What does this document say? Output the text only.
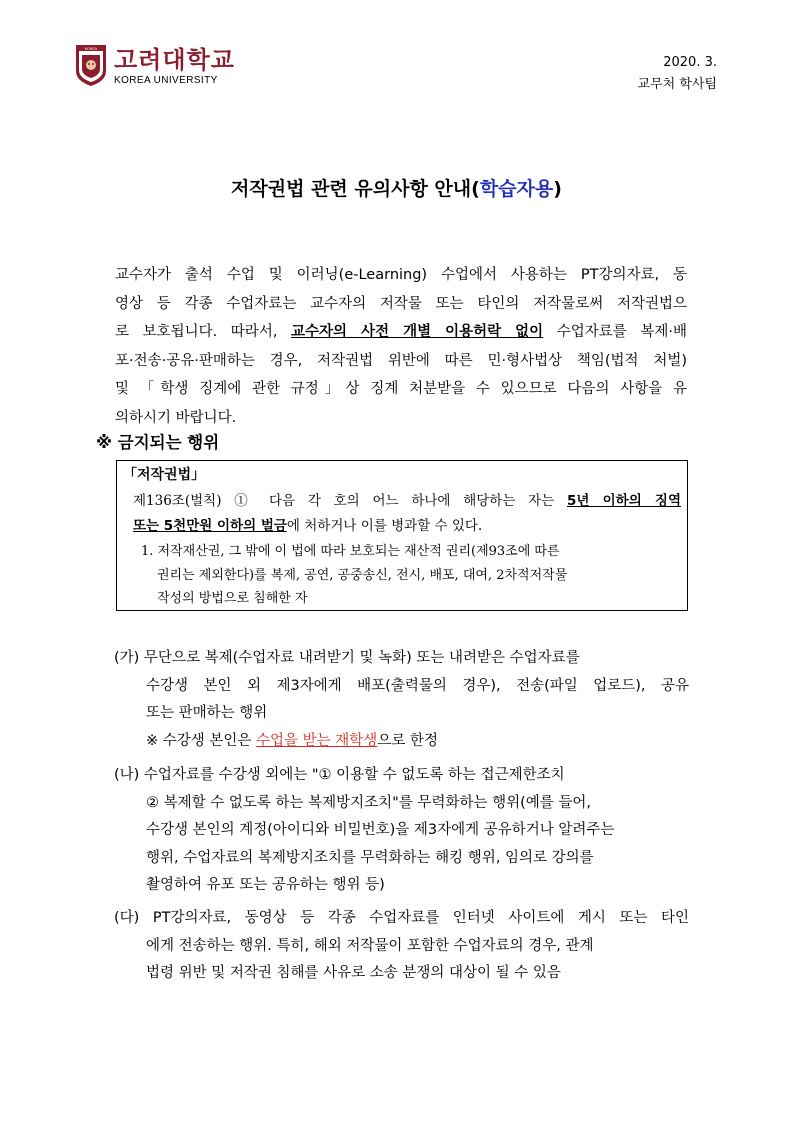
KOREA 고려대학교
KOREA UNIVERSITY
2020. 3.
교무처 학사팀
저작권법 관련 유의사항 안내(학습자용)
교수자가 출석 수업 및 이러닝(e-Learning) 수업에서 사용하는 PT강의자료, 동
영상 등 각종 수업자료는 교수자의 저작물 또는 타인의 저작물로써 저작권법으
로 보호됩니다. 따라서, 교수자의 사전 개별 이용허락 없이 수업자료를 복제·배
포·전송·공유·판매하는 경우, 저작권법 위반에 따른 민·형사법상 책임(법적 처벌)
및 「학생 징계에 관한 규정」상 징계 처분받을 수 있으므로 다음의 사항을 유
의하시기 바랍니다.
※ 금지되는 행위
「저작권법」
제136조(벌칙) ① 다음 각 호의 어느 하나에 해당하는 자는 5년 이하의 징역
또는 5천만원 이하의 벌금에 처하거나 이를 병과할 수 있다.
1. 저작재산권, 그 밖에 이 법에 따라 보호되는 재산적 권리(제93조에 따른
권리는 제외한다)를 복제, 공연, 공중송신, 전시, 배포, 대여, 2차적저작물
작성의 방법으로 침해한 자
(가) 무단으로 복제(수업자료 내려받기 및 녹화) 또는 내려받은 수업자료를
수강생 본인 외 제3자에게 배포(출력물의 경우), 전송(파일 업로드), 공유
또는 판매하는 행위
※ 수강생 본인은 수업을 받는 재학생으로 한정
(나) 수업자료를 수강생 외에는 "① 이용할 수 없도록 하는 접근제한조치
② 복제할 수 없도록 하는 복제방지조치"를 무력화하는 행위(예를 들어,
수강생 본인의 계정(아이디와 비밀번호)을 제3자에게 공유하거나 알려주는
행위, 수업자료의 복제방지조치를 무력화하는 해킹 행위, 임의로 강의를
촬영하여 유포 또는 공유하는 행위 등)
(다) PT강의자료, 동영상 등 각종 수업자료를 인터넷 사이트에 게시 또는 타인
에게 전송하는 행위. 특히, 해외 저작물이 포함한 수업자료의 경우, 관계
법령 위반 및 저작권 침해를 사유로 소송 분쟁의 대상이 될 수 있음
